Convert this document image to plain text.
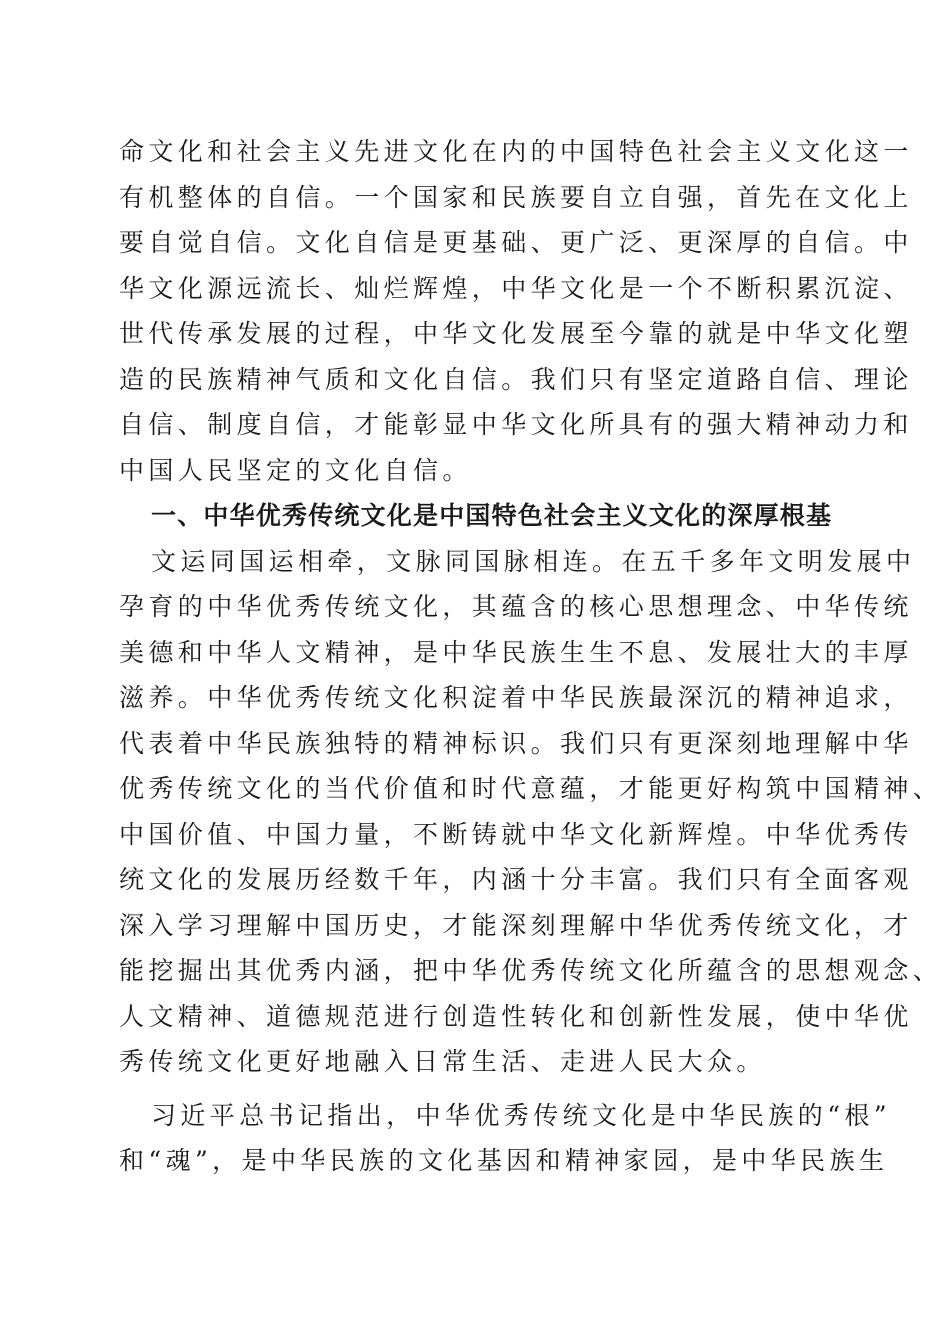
命文化和社会主义先进文化在内的中国特色社会主义文化这一
有机整体的自信。一个国家和民族要自立自强，首先在文化上
要自觉自信。文化自信是更基础、更广泛、更深厚的自信。中
华文化源远流长、灿烂辉煌，中华文化是一个不断积累沉淀、
世代传承发展的过程，中华文化发展至今靠的就是中华文化塑
造的民族精神气质和文化自信。我们只有坚定道路自信、理论
自信、制度自信，才能彰显中华文化所具有的强大精神动力和
中国人民坚定的文化自信。
一、中华优秀传统文化是中国特色社会主义文化的深厚根基
文运同国运相牵，文脉同国脉相连。在五千多年文明发展中
孕育的中华优秀传统文化，其蕴含的核心思想理念、中华传统
美德和中华人文精神，是中华民族生生不息、发展壮大的丰厚
滋养。中华优秀传统文化积淀着中华民族最深沉的精神追求，
代表着中华民族独特的精神标识。我们只有更深刻地理解中华
优秀传统文化的当代价值和时代意蕴，才能更好构筑中国精神、
中国价值、中国力量，不断铸就中华文化新辉煌。中华优秀传
统文化的发展历经数千年，内涵十分丰富。我们只有全面客观
深入学习理解中国历史，才能深刻理解中华优秀传统文化，才
能挖掘出其优秀内涵，把中华优秀传统文化所蕴含的思想观念、
人文精神、道德规范进行创造性转化和创新性发展，使中华优
秀传统文化更好地融入日常生活、走进人民大众。
习近平总书记指出，中华优秀传统文化是中华民族的“根”
和“魂”，是中华民族的文化基因和精神家园，是中华民族生
